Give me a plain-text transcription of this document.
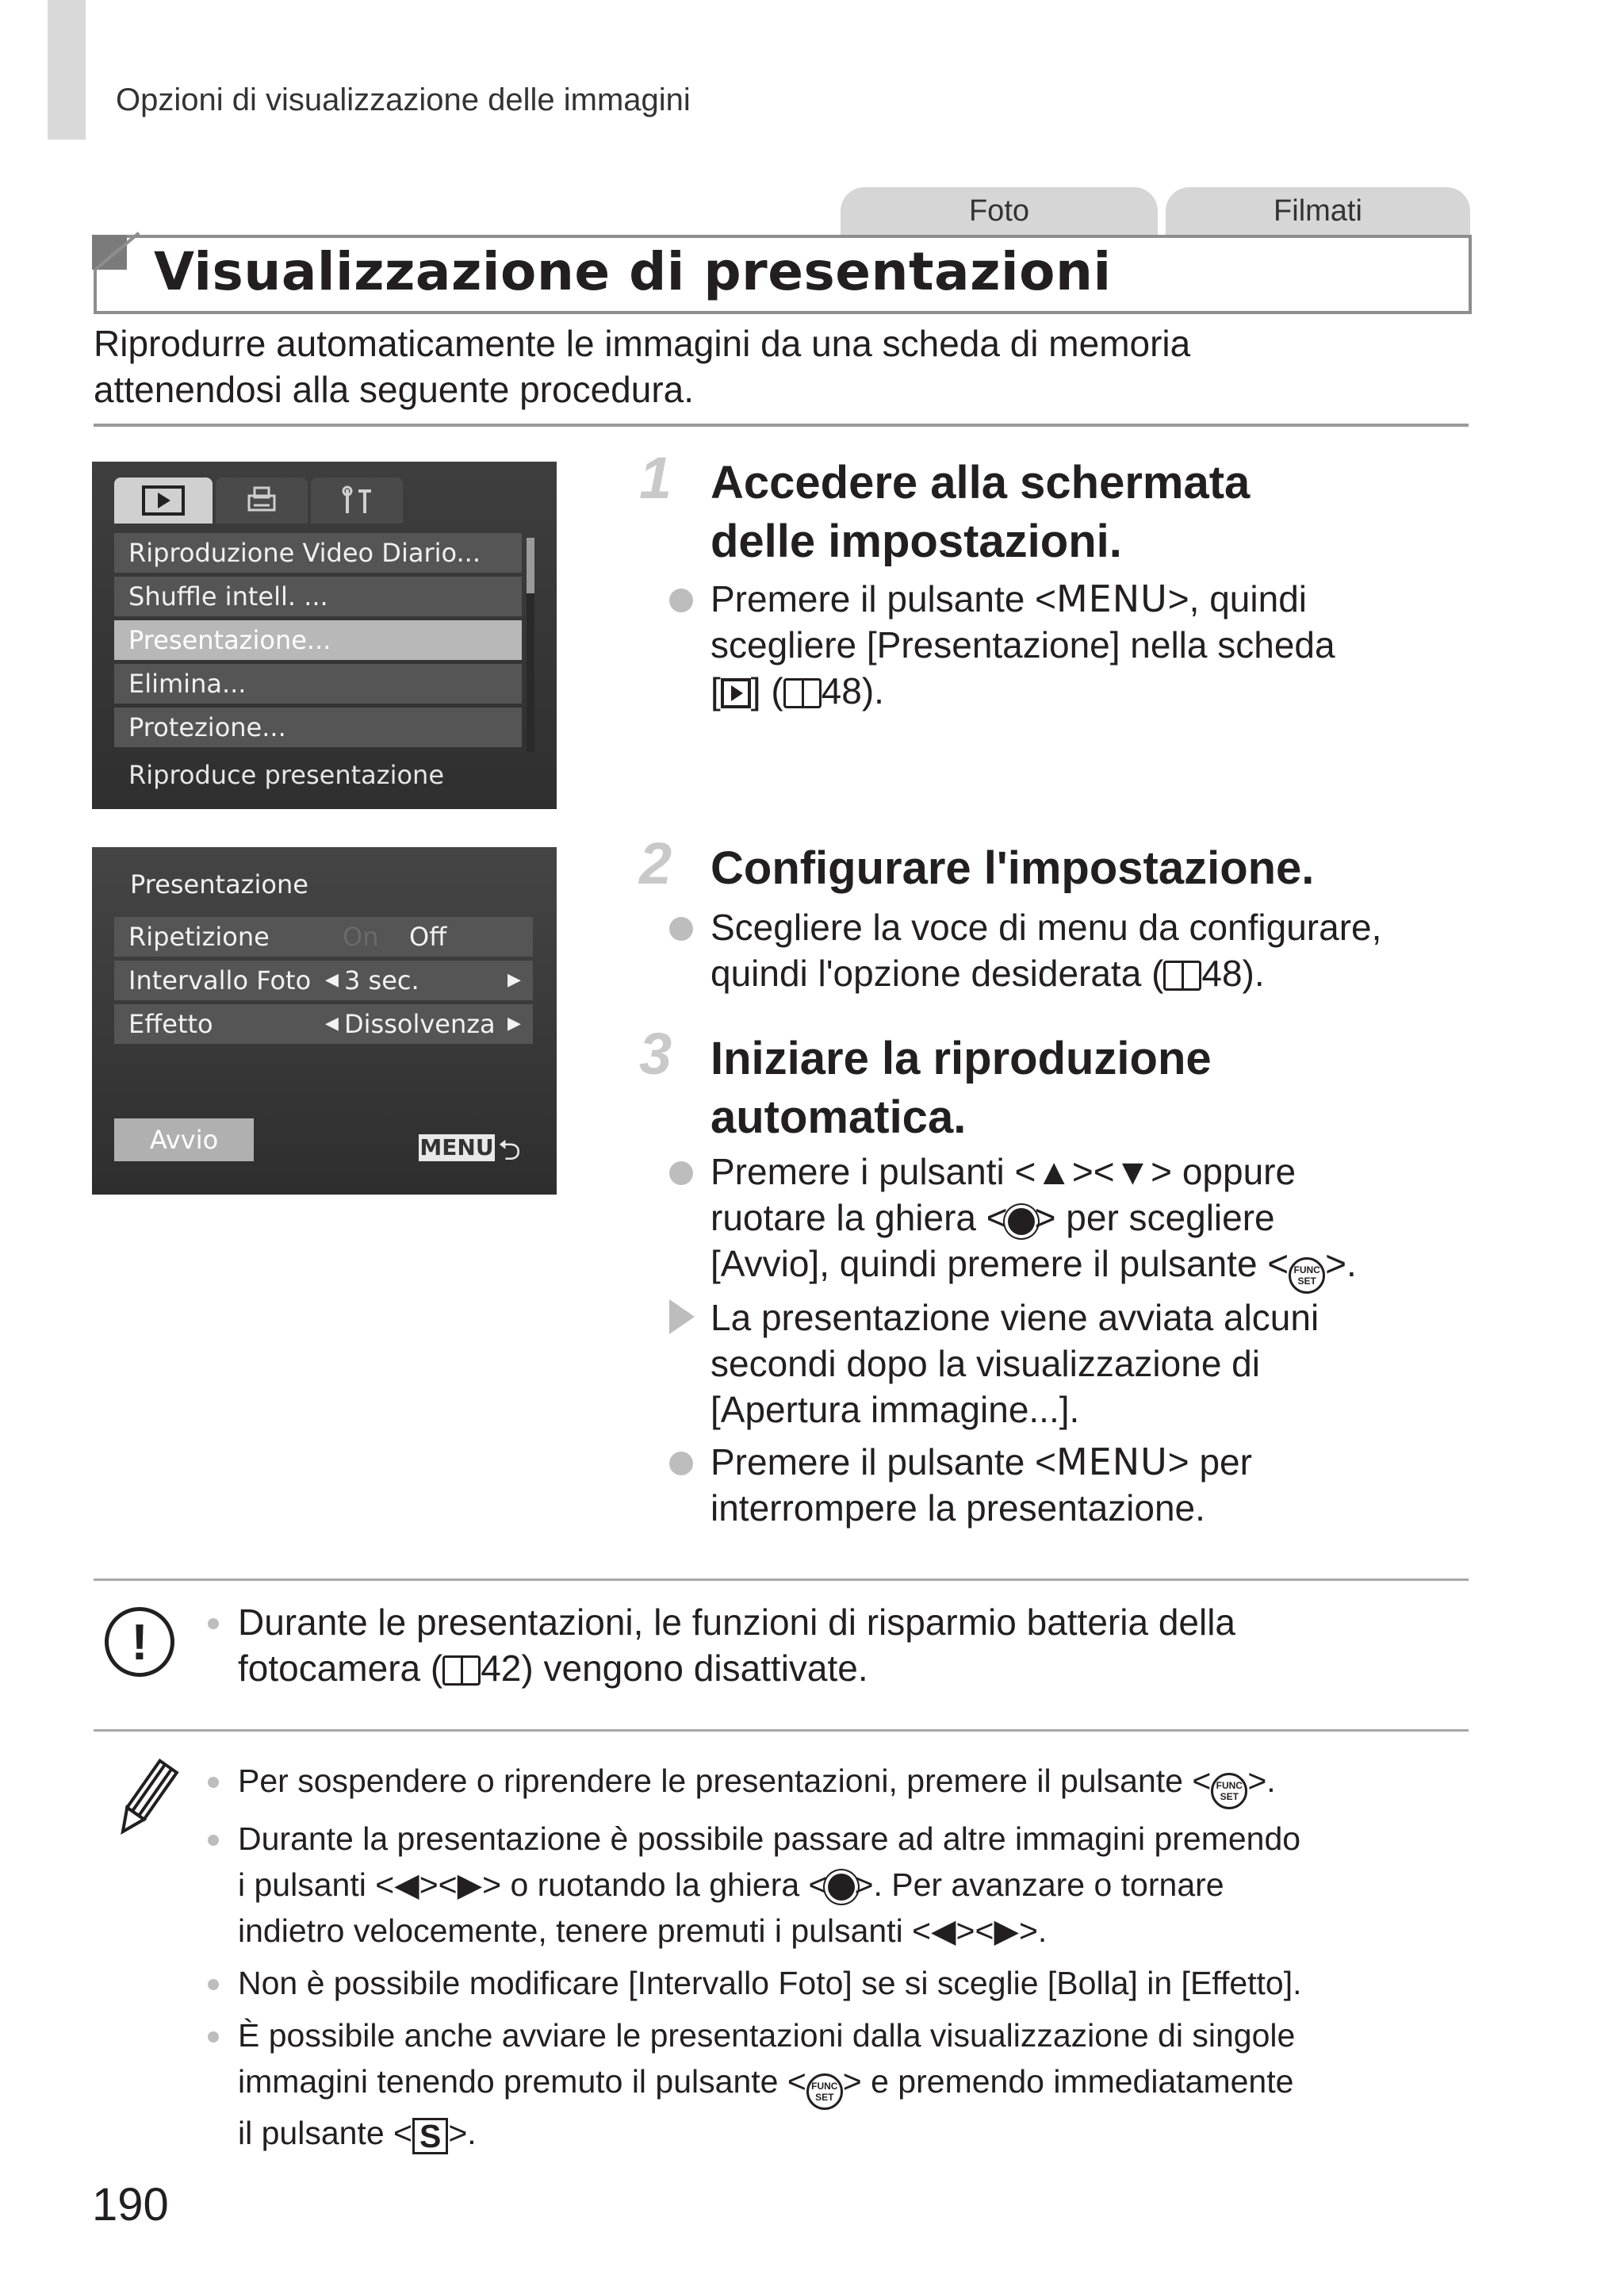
Opzioni di visualizzazione delle immagini
Foto	Filmati
Visualizzazione di presentazioni
Riprodurre automaticamente le immagini da una scheda di memoria
attenendosi alla seguente procedura.
Riproduzione Video Diario...
Shuffle intell. ...
Presentazione...
Elimina...
Protezione...
Riproduce presentazione
Presentazione
Ripetizione	On Off
Intervallo Foto ◀ 3 sec.	▶
Effetto	◀ Dissolvenza ▶
Avvio	MENU ⮌
1 Accedere alla schermata
delle impostazioni.
Premere il pulsante <MENU>, quindi
scegliere [Presentazione] nella scheda
[ ] ( 48).
2 Configurare l'impostazione.
Scegliere la voce di menu da configurare,
quindi l'opzione desiderata ( 48).
3 Iniziare la riproduzione
automatica.
Premere i pulsanti <▲><▼> oppure
ruotare la ghiera < > per scegliere
[Avvio], quindi premere il pulsante < FUNC
SET >.
La presentazione viene avviata alcuni
secondi dopo la visualizzazione di
[Apertura immagine...].
Premere il pulsante <MENU> per
interrompere la presentazione.
!	Durante le presentazioni, le funzioni di risparmio batteria della
fotocamera ( 42) vengono disattivate.
Per sospendere o riprendere le presentazioni, premere il pulsante < FUNC
SET >.
Durante la presentazione è possibile passare ad altre immagini premendo
i pulsanti <◀><▶> o ruotando la ghiera < >. Per avanzare o tornare
indietro velocemente, tenere premuti i pulsanti <◀><▶>.
Non è possibile modificare [Intervallo Foto] se si sceglie [Bolla] in [Effetto].
È possibile anche avviare le presentazioni dalla visualizzazione di singole
immagini tenendo premuto il pulsante < FUNC
SET > e premendo immediatamente
il pulsante < S >.
190
